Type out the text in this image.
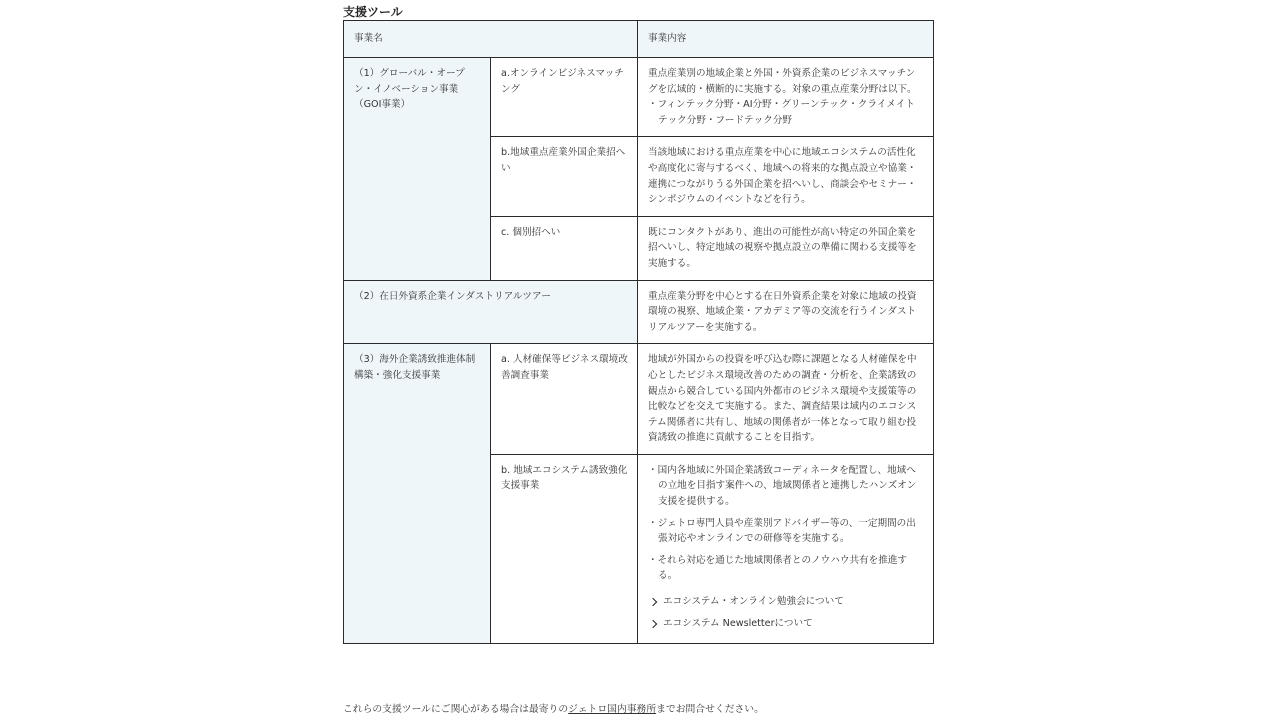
支援ツール
事業名		事業内容
（1）グローバル・オープン・イノベーション事業（GOI事業）	a.オンラインビジネスマッチング	重点産業別の地域企業と外国・外資系企業のビジネスマッチングを広域的・横断的に実施する。対象の重点産業分野は以下。
・ フィンテック分野・AI分野・グリーンテック・クライメイトテック分野・フードテック分野

	b.地域重点産業外国企業招へい	当該地域における重点産業を中心に地域エコシステムの活性化や高度化に寄与するべく、地域への将来的な拠点設立や協業・連携につながりうる外国企業を招へいし、商談会やセミナー・シンポジウムのイベントなどを行う。
	c. 個別招へい	既にコンタクトがあり、進出の可能性が高い特定の外国企業を招へいし、特定地域の視察や拠点設立の準備に関わる支援等を実施する。
（2）在日外資系企業インダストリアルツアー		重点産業分野を中心とする在日外資系企業を対象に地域の投資環境の視察、地域企業・アカデミア等の交流を行うインダストリアルツアーを実施する。
（3）海外企業誘致推進体制構築・強化支援事業	a. 人材確保等ビジネス環境改善調査事業	地域が外国からの投資を呼び込む際に課題となる人材確保を中心としたビジネス環境改善のための調査・分析を、企業誘致の観点から競合している国内外都市のビジネス環境や支援策等の比較などを交えて実施する。また、調査結果は域内のエコシステム関係者に共有し、地域の関係者が一体となって取り組む投資誘致の推進に貢献することを目指す。
	b. 地域エコシステム誘致強化支援事業	・ 国内各地域に外国企業誘致コーディネータを配置し、地域への立地を目指す案件への、地域関係者と連携したハンズオン支援を提供する。
・ ジェトロ専門人員や産業別アドバイザー等の、一定期間の出張対応やオンラインでの研修等を実施する。
・ それら対応を通じた地域関係者とのノウハウ共有を推進する。
エコシステム・オンライン勉強会について
エコシステム Newsletterについて
これらの支援ツールにご関心がある場合は最寄りのジェトロ国内事務所までお問合せください。
